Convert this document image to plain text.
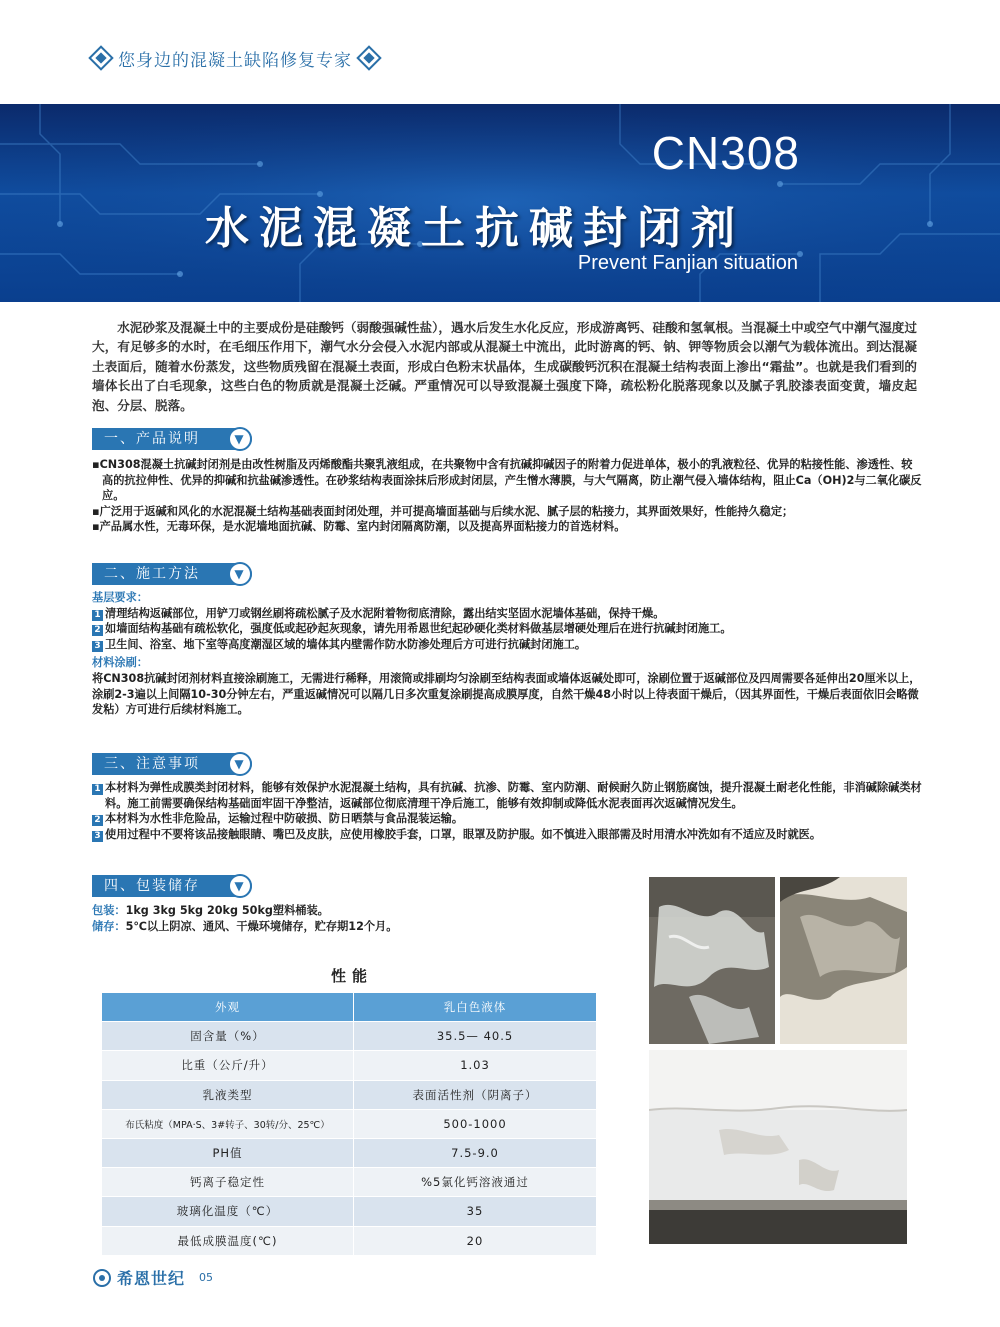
您身边的混凝土缺陷修复专家
CN308
水泥混凝土抗碱封闭剂
Prevent Fanjian situation

水泥砂浆及混凝土中的主要成份是硅酸钙（弱酸强碱性盐），遇水后发生水化反应，形成游离钙、硅酸和氢氧根。当混凝土中或空气中潮气湿度过大，有足够多的水时，在毛细压作用下，潮气水分会侵入水泥内部或从混凝土中流出，此时游离的钙、钠、钾等物质会以潮气为载体流出。到达混凝土表面后，随着水份蒸发，这些物质残留在混凝土表面，形成白色粉末状晶体，生成碳酸钙沉积在混凝土结构表面上渗出“霜盐”。也就是我们看到的墙体长出了白毛现象，这些白色的物质就是混凝土泛碱。严重情况可以导致混凝土强度下降，疏松粉化脱落现象以及腻子乳胶漆表面变黄，墙皮起泡、分层、脱落。

一、产品说明	▼
▪CN308混凝土抗碱封闭剂是由改性树脂及丙烯酸酯共聚乳液组成，在共聚物中含有抗碱抑碱因子的附着力促进单体，极小的乳液粒径、优异的粘接性能、渗透性、较高的抗拉伸性、优异的抑碱和抗盐碱渗透性。在砂浆结构表面涂抹后形成封闭层，产生憎水薄膜，与大气隔离，防止潮气侵入墙体结构，阻止Ca（OH)2与二氧化碳反应。
▪广泛用于返碱和风化的水泥混凝土结构基础表面封闭处理，并可提高墙面基础与后续水泥、腻子层的粘接力，其界面效果好，性能持久稳定；
▪产品属水性，无毒环保，是水泥墙地面抗碱、防霉、室内封闭隔离防潮，以及提高界面粘接力的首选材料。
二、施工方法	▼
基层要求：
1 清理结构返碱部位，用铲刀或钢丝刷将疏松腻子及水泥附着物彻底清除，露出结实坚固水泥墙体基础，保持干燥。
2 如墙面结构基础有疏松软化，强度低或起砂起灰现象，请先用希恩世纪起砂硬化类材料做基层增硬处理后在进行抗碱封闭施工。
3 卫生间、浴室、地下室等高度潮湿区域的墙体其内壁需作防水防渗处理后方可进行抗碱封闭施工。
材料涂刷：
将CN308抗碱封闭剂材料直接涂刷施工，无需进行稀释，用滚筒或排刷均匀涂刷至结构表面或墙体返碱处即可，涂刷位置于返碱部位及四周需要各延伸出20厘米以上，涂刷2-3遍以上间隔10-30分钟左右，严重返碱情况可以隔几日多次重复涂刷提高成膜厚度，自然干燥48小时以上待表面干燥后，（因其界面性，干燥后表面依旧会略微发粘）方可进行后续材料施工。
三、注意事项	▼
1 本材料为弹性成膜类封闭材料，能够有效保护水泥混凝土结构，具有抗碱、抗渗、防霉、室内防潮、耐候耐久防止钢筋腐蚀，提升混凝土耐老化性能，非消碱除碱类材料。施工前需要确保结构基础面牢固干净整洁，返碱部位彻底清理干净后施工，能够有效抑制或降低水泥表面再次返碱情况发生。
2 本材料为水性非危险品，运输过程中防破损、防日晒禁与食品混装运输。
3 使用过程中不要将该品接触眼睛、嘴巴及皮肤，应使用橡胶手套，口罩，眼罩及防护服。如不慎进入眼部需及时用清水冲洗如有不适应及时就医。
四、包装储存	▼
包装：1kg 3kg 5kg 20kg 50kg塑料桶装。
储存：5℃以上阴凉、通风、干燥环境储存，贮存期12个月。
性能
外观	乳白色液体
固含量（%）	35.5— 40.5
比重（公斤/升）	1.03
乳液类型	表面活性剂（阴离子）
布氏粘度（MPA·S、3#转子、30转/分、25℃）	500-1000
PH值	7.5-9.0
钙离子稳定性	%5氯化钙溶液通过
玻璃化温度（℃）	35
最低成膜温度(℃)	20
希恩世纪 05
